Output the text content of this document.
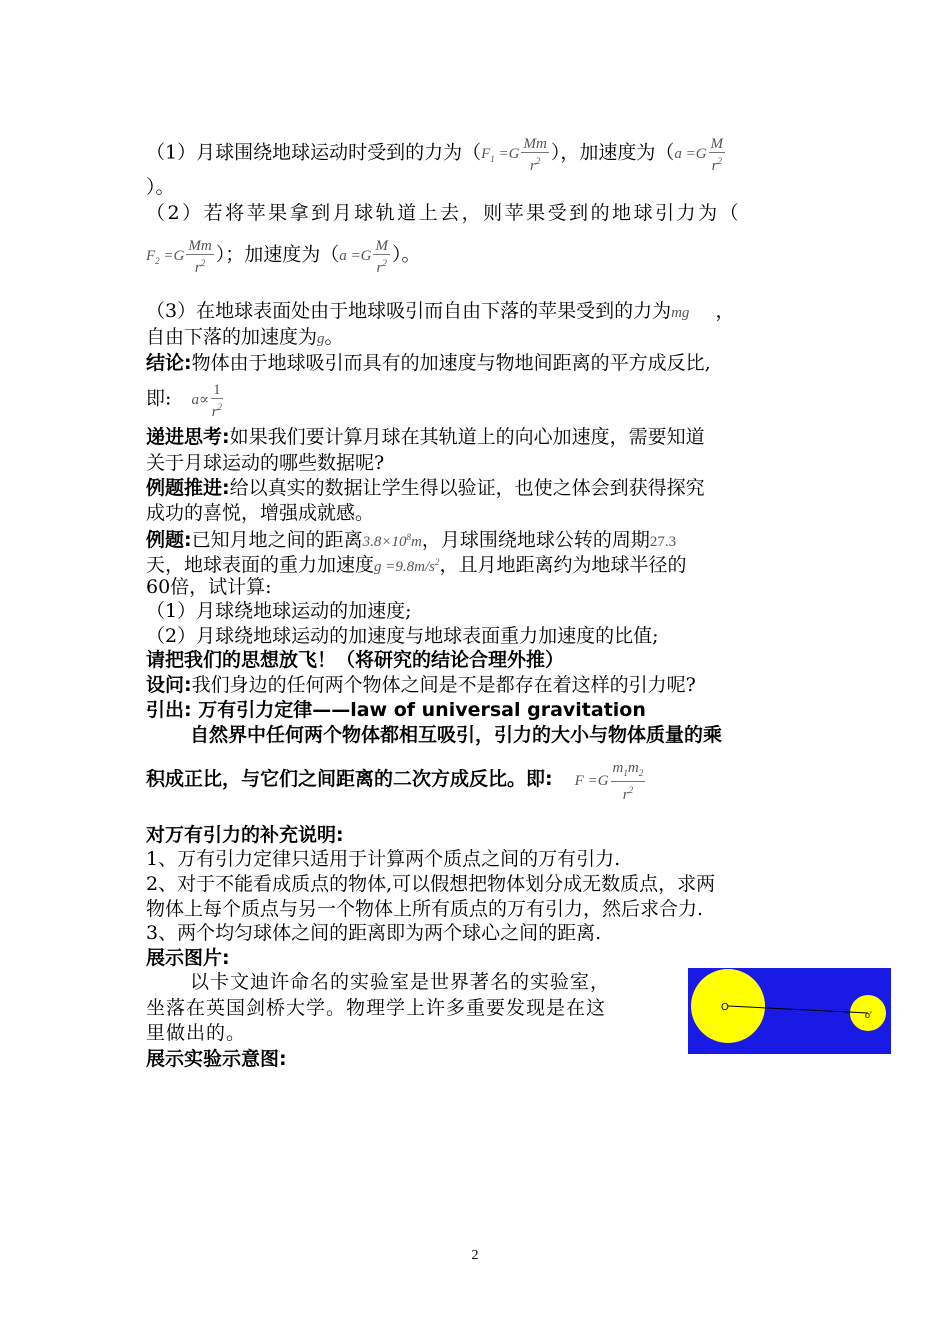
（1）月球围绕地球运动时受到的力为（$F_1 =G \frac{Mm}{r^2}$ ），加速度为（$a =G \frac{M}{r^2}$
）。
（2）若将苹果拿到月球轨道上去，则苹果受到的地球引力为（
$F_2 =G \frac{Mm}{r^2}$ ）；加速度为（$a =G \frac{M}{r^2}$ ）。
（3）在地球表面处由于地球吸引而自由下落的苹果受到的力为mg ，
自由下落的加速度为g。
结论:物体由于地球吸引而具有的加速度与物地间距离的平方成反比,
即: $a\propto \frac{1}{r^2}$
递进思考:如果我们要计算月球在其轨道上的向心加速度，需要知道
关于月球运动的哪些数据呢?
例题推进:给以真实的数据让学生得以验证，也使之体会到获得探究
成功的喜悦，增强成就感。
例题:已知月地之间的距离$3.8\times 10^8m$，月球围绕地球公转的周期27.3
天，地球表面的重力加速度$g =9.8m/s^2$，且月地距离约为地球半径的
60倍，试计算:
（1）月球绕地球运动的加速度;
（2）月球绕地球运动的加速度与地球表面重力加速度的比值;
请把我们的思想放飞！（将研究的结论合理外推）
设问:我们身边的任何两个物体之间是不是都存在着这样的引力呢?
引出: 万有引力定律——law of universal gravitation
自然界中任何两个物体都相互吸引，引力的大小与物体质量的乘
积成正比，与它们之间距离的二次方成反比。即: $F =G \frac{m_1m_2}{r^2}$
对万有引力的补充说明:
1、万有引力定律只适用于计算两个质点之间的万有引力.
2、对于不能看成质点的物体,可以假想把物体划分成无数质点，求两
物体上每个质点与另一个物体上所有质点的万有引力，然后求合力.
3、两个均匀球体之间的距离即为两个球心之间的距离.
展示图片:
以卡文迪许命名的实验室是世界著名的实验室，
坐落在英国剑桥大学。物理学上许多重要发现是在这
里做出的。
展示实验示意图:
O
o'
2
